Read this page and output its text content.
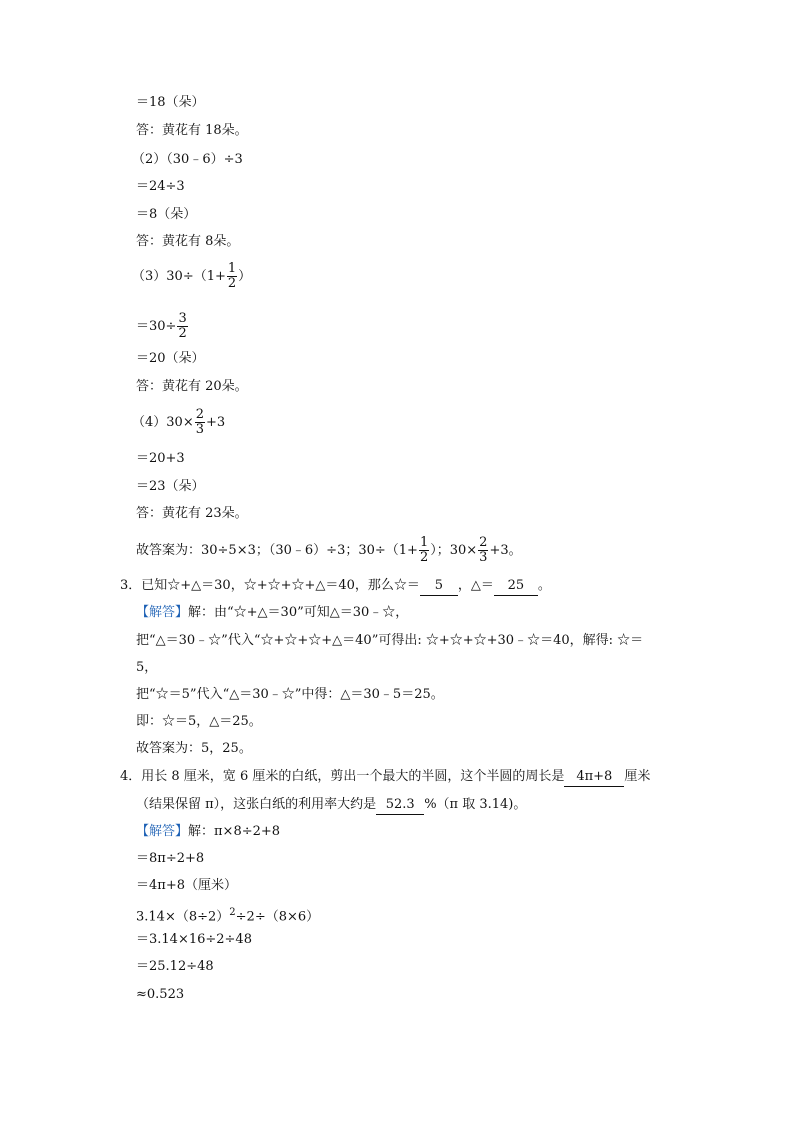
＝18（朵）
答：黄花有 18朵。
（2）（30﹣6）÷3
＝24÷3
＝8（朵）
答：黄花有 8朵。
$(3)30\div(1+ \frac{1}{2}$ ）
$=30\div \frac{3}{2}$
＝20（朵）
答：黄花有 20朵。
$(4)30\times \frac{2}{3} +3$
＝20+3
＝23（朵）
答：黄花有 23朵。
故答案为：30÷5×3；（30﹣6）÷3；$30\div(1+ \frac{1}{2}$ ）；$30\times \frac{2}{3} +3$。
3．已知☆+△＝30，☆+☆+☆+△＝40，那么☆＝ 5 ，△＝ 25 。
【解答】解：由“☆+△＝30”可知△＝30﹣☆，
把“△＝30﹣☆”代入“☆+☆+☆+△＝40”可得出: ☆+☆+☆+30﹣☆＝40，解得: ☆＝
5，
把“☆＝5”代入“△＝30﹣☆”中得：△＝30﹣5＝25。
即：☆＝5，△＝25。
故答案为：5，25。
4．用长 8 厘米，宽 6 厘米的白纸，剪出一个最大的半圆，这个半圆的周长是 4π+8 厘米
（结果保留 π），这张白纸的利用率大约是 52.3 %（π 取 3.14)。
【解答】解：π×8÷2+8
＝8π÷2+8
＝4π+8（厘米）
$3.14\times(8\div 2)^2\div 2\div(8\times 6)$
＝3.14×16÷2÷48
＝25.12÷48
≈0.523
